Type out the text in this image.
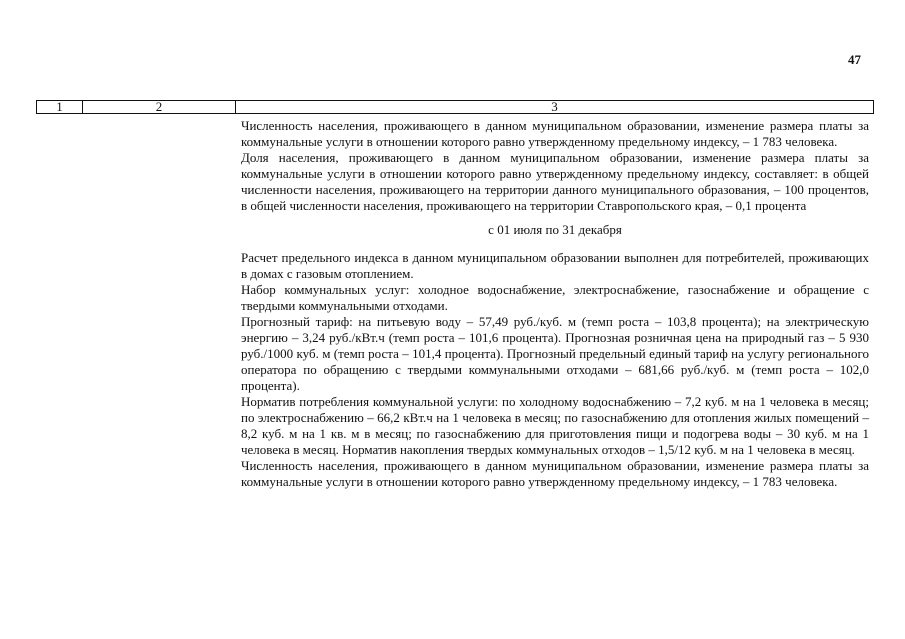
47
1	2	3

Численность населения, проживающего в данном муниципальном образовании, изменение размера платы за коммунальные услуги в отношении которого равно утвержденному предельному индексу, – 1 783 человека.

Доля населения, проживающего в данном муниципальном образовании, изменение размера платы за коммунальные услуги в отношении которого равно утвержденному предельному индексу, составляет: в общей численности населения, проживающего на территории данного муниципального образования, – 100 процентов, в общей численности населения, проживающего на территории Ставропольского края, – 0,1 процента

с 01 июля по 31 декабря

Расчет предельного индекса в данном муниципальном образовании выполнен для потребителей, проживающих в домах с газовым отоплением.

Набор коммунальных услуг: холодное водоснабжение, электроснабжение, газоснабжение и обращение с твердыми коммунальными отходами.

Прогнозный тариф: на питьевую воду – 57,49 руб./куб. м (темп роста – 103,8 процента); на электрическую энергию – 3,24 руб./кВт.ч (темп роста – 101,6 процента). Прогнозная розничная цена на природный газ – 5 930 руб./1000 куб. м (темп роста – 101,4 процента). Прогнозный предельный единый тариф на услугу регионального оператора по обращению с твердыми коммунальными отходами – 681,66 руб./куб. м (темп роста – 102,0 процента).

Норматив потребления коммунальной услуги: по холодному водоснабжению – 7,2 куб. м на 1 человека в месяц; по электроснабжению – 66,2 кВт.ч на 1 человека в месяц; по газоснабжению для отопления жилых помещений – 8,2 куб. м на 1 кв. м в месяц; по газоснабжению для приготовления пищи и подогрева воды – 30 куб. м на 1 человека в месяц. Норматив накопления твердых коммунальных отходов – 1,5/12 куб. м на 1 человека в месяц.

Численность населения, проживающего в данном муниципальном образовании, изменение размера платы за коммунальные услуги в отношении которого равно утвержденному предельному индексу, – 1 783 человека.
